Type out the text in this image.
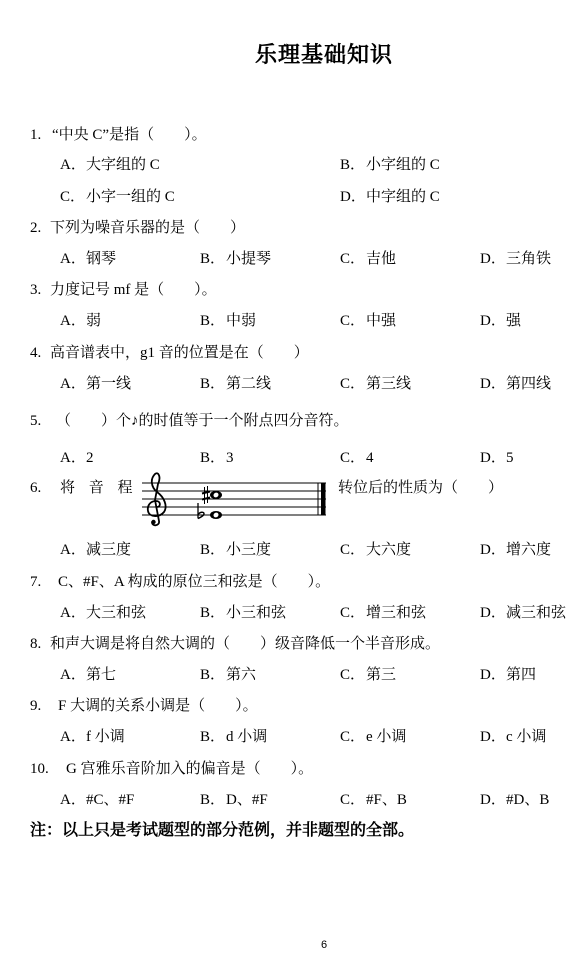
乐理基础知识
1. “中央 C”是指（　　）。
A．大字组的 C	B．小字组的 C
C．小字一组的 C	D．中字组的 C
2. 下列为噪音乐器的是（　　）
A．钢琴	B．小提琴	C．吉他	D．三角铁
3. 力度记号 mf 是（　　）。
A．弱	B．中弱	C．中强	D．强
4. 高音谱表中，g1 音的位置是在（　　）
A．第一线	B．第二线	C．第三线	D．第四线
5. （　　）个♪的时值等于一个附点四分音符。
A．2	B．3	C．4	D．5
6. 将 音 程	转位后的性质为（　　）
A．减三度	B．小三度	C．大六度	D．增六度
7. C、#F、A 构成的原位三和弦是（　　）。
A．大三和弦	B．小三和弦	C．增三和弦	D．减三和弦
8. 和声大调是将自然大调的（　　）级音降低一个半音形成。
A．第七	B．第六	C．第三	D．第四
9. F 大调的关系小调是（　　）。
A．f 小调	B．d 小调	C．e 小调	D．c 小调
10. G 宫雅乐音阶加入的偏音是（　　）。
A．#C、#F	B．D、#F	C．#F、B	D．#D、B
注：以上只是考试题型的部分范例，并非题型的全部。
6
